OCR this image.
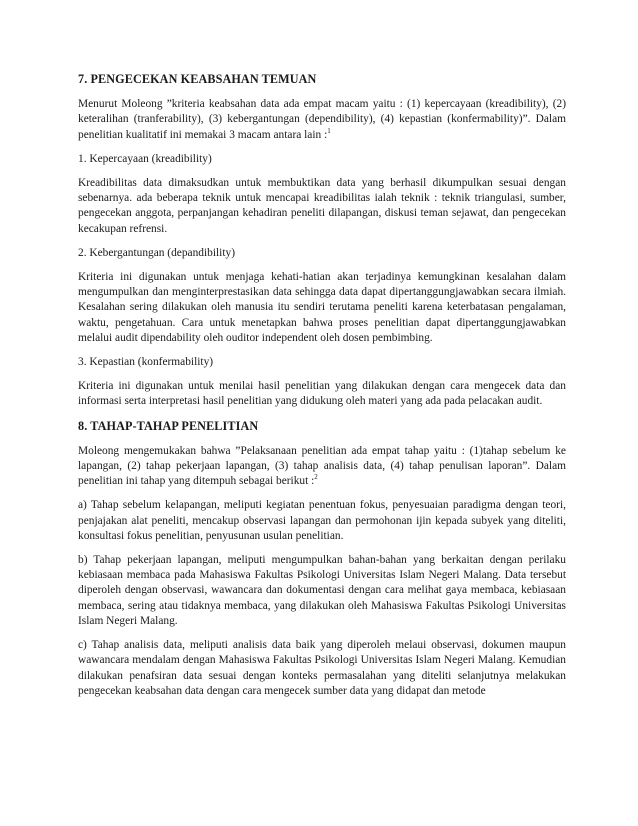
7. PENGECEKAN KEABSAHAN TEMUAN
Menurut Moleong ”kriteria keabsahan data ada empat macam yaitu : (1) kepercayaan (kreadibility), (2) keteralihan (tranferability), (3) kebergantungan (dependibility), (4) kepastian (konfermability)”. Dalam penelitian kualitatif ini memakai 3 macam antara lain :$^1$
1. Kepercayaan (kreadibility)
Kreadibilitas data dimaksudkan untuk membuktikan data yang berhasil dikumpulkan sesuai dengan sebenarnya. ada beberapa teknik untuk mencapai kreadibilitas ialah teknik : teknik triangulasi, sumber, pengecekan anggota, perpanjangan kehadiran peneliti dilapangan, diskusi teman sejawat, dan pengecekan kecakupan refrensi.
2. Kebergantungan (depandibility)
Kriteria ini digunakan untuk menjaga kehati-hatian akan terjadinya kemungkinan kesalahan dalam mengumpulkan dan menginterprestasikan data sehingga data dapat dipertanggungjawabkan secara ilmiah. Kesalahan sering dilakukan oleh manusia itu sendiri terutama peneliti karena keterbatasan pengalaman, waktu, pengetahuan. Cara untuk menetapkan bahwa proses penelitian dapat dipertanggungjawabkan melalui audit dipendability oleh ouditor independent oleh dosen pembimbing.
3. Kepastian (konfermability)
Kriteria ini digunakan untuk menilai hasil penelitian yang dilakukan dengan cara mengecek data dan informasi serta interpretasi hasil penelitian yang didukung oleh materi yang ada pada pelacakan audit.
8. TAHAP-TAHAP PENELITIAN
Moleong mengemukakan bahwa ”Pelaksanaan penelitian ada empat tahap yaitu : (1)tahap sebelum ke lapangan, (2) tahap pekerjaan lapangan, (3) tahap analisis data, (4) tahap penulisan laporan”. Dalam penelitian ini tahap yang ditempuh sebagai berikut :$^2$
a) Tahap sebelum kelapangan, meliputi kegiatan penentuan fokus, penyesuaian paradigma dengan teori, penjajakan alat peneliti, mencakup observasi lapangan dan permohonan ijin kepada subyek yang diteliti, konsultasi fokus penelitian, penyusunan usulan penelitian.
b) Tahap pekerjaan lapangan, meliputi mengumpulkan bahan-bahan yang berkaitan dengan perilaku kebiasaan membaca pada Mahasiswa Fakultas Psikologi Universitas Islam Negeri Malang. Data tersebut diperoleh dengan observasi, wawancara dan dokumentasi dengan cara melihat gaya membaca, kebiasaan membaca, sering atau tidaknya membaca, yang dilakukan oleh Mahasiswa Fakultas Psikologi Universitas Islam Negeri Malang.
c) Tahap analisis data, meliputi analisis data baik yang diperoleh melaui observasi, dokumen maupun wawancara mendalam dengan Mahasiswa Fakultas Psikologi Universitas Islam Negeri Malang. Kemudian dilakukan penafsiran data sesuai dengan konteks permasalahan yang diteliti selanjutnya melakukan pengecekan keabsahan data dengan cara mengecek sumber data yang didapat dan metode
